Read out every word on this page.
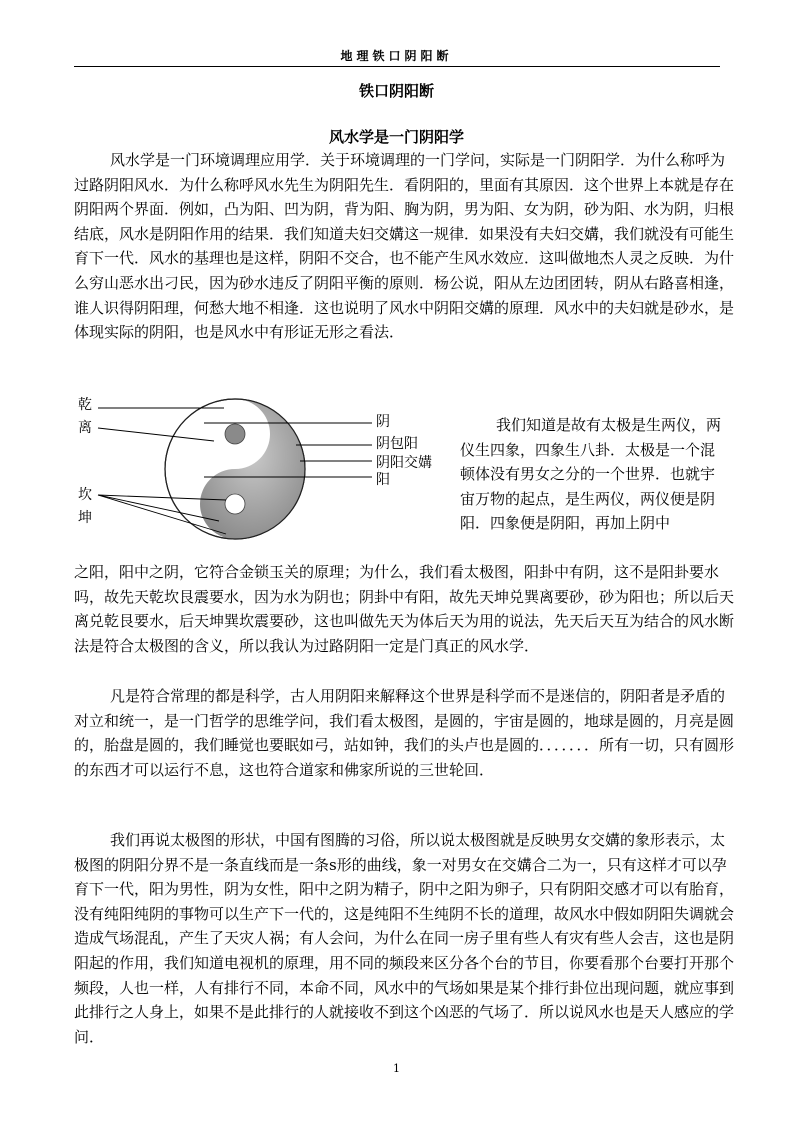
地理铁口阴阳断
铁口阴阳断
风水学是一门阴阳学

风水学是一门环境调理应用学．关于环境调理的一门学问，实际是一门阴阳学．为什么称呼为过路阴阳风水．为什么称呼风水先生为阴阳先生．看阴阳的，里面有其原因．这个世界上本就是存在阴阳两个界面．例如，凸为阳、凹为阴，背为阳、胸为阴，男为阳、女为阴，砂为阳、水为阴，归根结底，风水是阴阳作用的结果．我们知道夫妇交媾这一规律．如果没有夫妇交媾，我们就没有可能生育下一代．风水的基理也是这样，阴阳不交合，也不能产生风水效应．这叫做地杰人灵之反映．为什么穷山恶水出刁民，因为砂水违反了阴阳平衡的原则．杨公说，阳从左边团团转，阴从右路喜相逢，谁人识得阴阳理，何愁大地不相逢．这也说明了风水中阴阳交媾的原理．风水中的夫妇就是砂水，是体现实际的阴阳，也是风水中有形证无形之看法．

乾
离
坎
坤
阴
阴包阳
阴阳交媾
阳

我们知道是故有太极是生两仪，两仪生四象，四象生八卦．太极是一个混顿体没有男女之分的一个世界．也就宇宙万物的起点，是生两仪，两仪便是阴阳．四象便是阴阳，再加上阴中

之阳，阳中之阴，它符合金锁玉关的原理；为什么，我们看太极图，阳卦中有阴，这不是阳卦要水吗，故先天乾坎艮震要水，因为水为阴也；阴卦中有阳，故先天坤兑巽离要砂，砂为阳也；所以后天离兑乾艮要水，后天坤巽坎震要砂，这也叫做先天为体后天为用的说法，先天后天互为结合的风水断法是符合太极图的含义，所以我认为过路阴阳一定是门真正的风水学．

凡是符合常理的都是科学，古人用阴阳来解释这个世界是科学而不是迷信的，阴阳者是矛盾的对立和统一，是一门哲学的思维学问，我们看太极图，是圆的，宇宙是圆的，地球是圆的，月亮是圆的，胎盘是圆的，我们睡觉也要眠如弓，站如钟，我们的头卢也是圆的．．．．．．．所有一切，只有圆形的东西才可以运行不息，这也符合道家和佛家所说的三世轮回．

我们再说太极图的形状，中国有图腾的习俗，所以说太极图就是反映男女交媾的象形表示，太极图的阴阳分界不是一条直线而是一条s形的曲线，象一对男女在交媾合二为一，只有这样才可以孕育下一代，阳为男性，阴为女性，阳中之阴为精子，阴中之阳为卵子，只有阴阳交感才可以有胎育，没有纯阳纯阴的事物可以生产下一代的，这是纯阳不生纯阴不长的道理，故风水中假如阴阳失调就会造成气场混乱，产生了天灾人祸；有人会问，为什么在同一房子里有些人有灾有些人会吉，这也是阴阳起的作用，我们知道电视机的原理，用不同的频段来区分各个台的节目，你要看那个台要打开那个频段，人也一样，人有排行不同，本命不同，风水中的气场如果是某个排行卦位出现问题，就应事到此排行之人身上，如果不是此排行的人就接收不到这个凶恶的气场了．所以说风水也是天人感应的学问．

1
